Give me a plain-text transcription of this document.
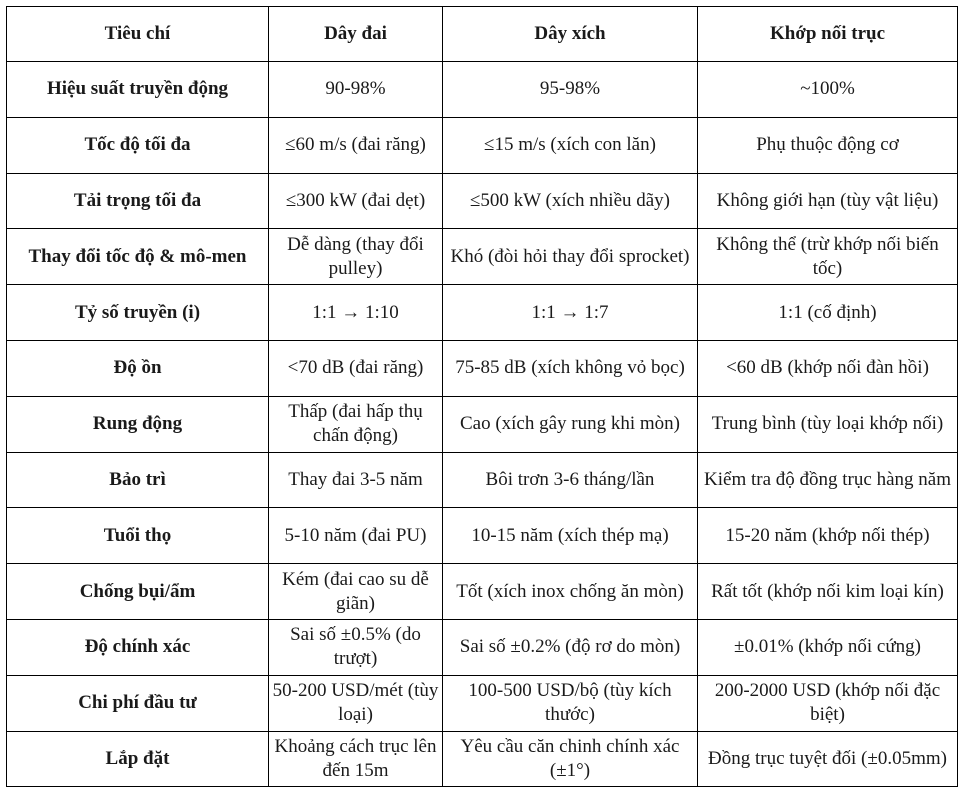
Tiêu chí	Dây đai	Dây xích	Khớp nối trục
Hiệu suất truyền động	90-98%	95-98%	~100%
Tốc độ tối đa	≤60 m/s (đai răng)	≤15 m/s (xích con lăn)	Phụ thuộc động cơ
Tải trọng tối đa	≤300 kW (đai dẹt)	≤500 kW (xích nhiều dãy)	Không giới hạn (tùy vật liệu)
Thay đổi tốc độ & mô-men	Dễ dàng (thay đổi pulley)	Khó (đòi hỏi thay đổi sprocket)	Không thể (trừ khớp nối biến tốc)
Tỷ số truyền (i)	1:1 → 1:10	1:1 → 1:7	1:1 (cố định)
Độ ồn	<70 dB (đai răng)	75-85 dB (xích không vỏ bọc)	<60 dB (khớp nối đàn hồi)
Rung động	Thấp (đai hấp thụ chấn động)	Cao (xích gây rung khi mòn)	Trung bình (tùy loại khớp nối)
Bảo trì	Thay đai 3-5 năm	Bôi trơn 3-6 tháng/lần	Kiểm tra độ đồng trục hàng năm
Tuổi thọ	5-10 năm (đai PU)	10-15 năm (xích thép mạ)	15-20 năm (khớp nối thép)
Chống bụi/ẩm	Kém (đai cao su dễ giãn)	Tốt (xích inox chống ăn mòn)	Rất tốt (khớp nối kim loại kín)
Độ chính xác	Sai số ±0.5% (do trượt)	Sai số ±0.2% (độ rơ do mòn)	±0.01% (khớp nối cứng)
Chi phí đầu tư	50-200 USD/mét (tùy loại)	100-500 USD/bộ (tùy kích thước)	200-2000 USD (khớp nối đặc biệt)
Lắp đặt	Khoảng cách trục lên đến 15m	Yêu cầu căn chinh chính xác (±1°)	Đồng trục tuyệt đối (±0.05mm)
